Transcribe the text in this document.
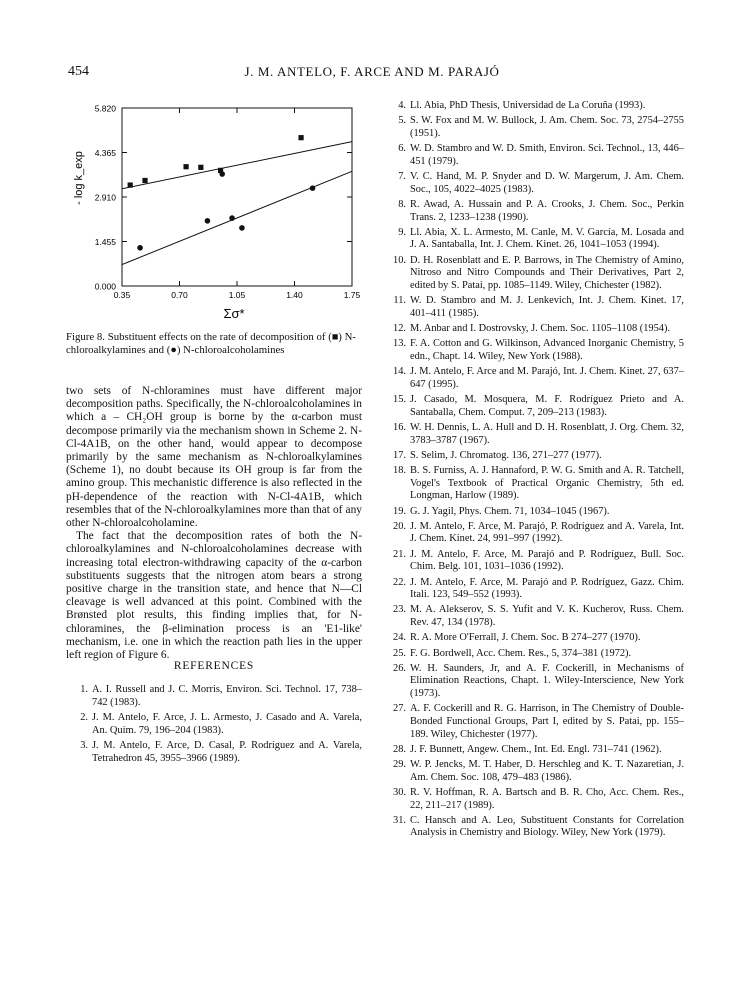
454	J. M. ANTELO, F. ARCE AND M. PARAJÓ
0.000
1.455
2.910
4.365
5.820
0.35	0.70	1.05	1.40	1.75
- log k_exp
Σσ*
Figure 8. Substituent effects on the rate of decomposition of (■) N-chloroalkylamines and (●) N-chloroalcoholamines

two sets of N-chloramines must have different major decomposition paths. Specifically, the N-chloroalcoholamines in which a – CH₂OH group is borne by the α-carbon must decompose primarily via the mechanism shown in Scheme 2. N-Cl-4A1B, on the other hand, would appear to decompose primarily by the same mechanism as N-chloroalkylamines (Scheme 1), no doubt because its OH group is far from the amino group. This mechanistic difference is also reflected in the pH-dependence of the reaction with N-Cl-4A1B, which resembles that of the N-chloroalkylamines more than that of any other N-chloroalcoholamine.

The fact that the decomposition rates of both the N-chloroalkylamines and N-chloroalcoholamines decrease with increasing total electron-withdrawing capacity of the α-carbon substituents suggests that the nitrogen atom bears a strong positive charge in the transition state, and hence that N—Cl cleavage is well advanced at this point. Combined with the Brønsted plot results, this finding implies that, for N-chloramines, the β-elimination process is an 'E1-like' mechanism, i.e. one in which the reaction path lies in the upper left region of Figure 6.

REFERENCES
1. A. I. Russell and J. C. Morris, Environ. Sci. Technol. 17, 738–742 (1983).
2. J. M. Antelo, F. Arce, J. L. Armesto, J. Casado and A. Varela, An. Quím. 79, 196–204 (1983).
3. J. M. Antelo, F. Arce, D. Casal, P. Rodríguez and A. Varela, Tetrahedron 45, 3955–3966 (1989).
4. Ll. Abia, PhD Thesis, Universidad de La Coruña (1993).
5. S. W. Fox and M. W. Bullock, J. Am. Chem. Soc. 73, 2754–2755 (1951).
6. W. D. Stambro and W. D. Smith, Environ. Sci. Technol., 13, 446–451 (1979).
7. V. C. Hand, M. P. Snyder and D. W. Margerum, J. Am. Chem. Soc., 105, 4022–4025 (1983).
8. R. Awad, A. Hussain and P. A. Crooks, J. Chem. Soc., Perkin Trans. 2, 1233–1238 (1990).
9. Ll. Abia, X. L. Armesto, M. Canle, M. V. García, M. Losada and J. A. Santaballa, Int. J. Chem. Kinet. 26, 1041–1053 (1994).
10. D. H. Rosenblatt and E. P. Barrows, in The Chemistry of Amino, Nitroso and Nitro Compounds and Their Derivatives, Part 2, edited by S. Patai, pp. 1085–1149. Wiley, Chichester (1982).
11. W. D. Stambro and M. J. Lenkevich, Int. J. Chem. Kinet. 17, 401–411 (1985).
12. M. Anbar and I. Dostrovsky, J. Chem. Soc. 1105–1108 (1954).
13. F. A. Cotton and G. Wilkinson, Advanced Inorganic Chemistry, 5 edn., Chapt. 14. Wiley, New York (1988).
14. J. M. Antelo, F. Arce and M. Parajó, Int. J. Chem. Kinet. 27, 637–647 (1995).
15. J. Casado, M. Mosquera, M. F. Rodríguez Prieto and A. Santaballa, Chem. Comput. 7, 209–213 (1983).
16. W. H. Dennis, L. A. Hull and D. H. Rosenblatt, J. Org. Chem. 32, 3783–3787 (1967).
17. S. Selim, J. Chromatog. 136, 271–277 (1977).
18. B. S. Furniss, A. J. Hannaford, P. W. G. Smith and A. R. Tatchell, Vogel's Textbook of Practical Organic Chemistry, 5th ed. Longman, Harlow (1989).
19. G. J. Yagil, Phys. Chem. 71, 1034–1045 (1967).
20. J. M. Antelo, F. Arce, M. Parajó, P. Rodríguez and A. Varela, Int. J. Chem. Kinet. 24, 991–997 (1992).
21. J. M. Antelo, F. Arce, M. Parajó and P. Rodríguez, Bull. Soc. Chim. Belg. 101, 1031–1036 (1992).
22. J. M. Antelo, F. Arce, M. Parajó and P. Rodríguez, Gazz. Chim. Itali. 123, 549–552 (1993).
23. M. A. Alekserov, S. S. Yufit and V. K. Kucherov, Russ. Chem. Rev. 47, 134 (1978).
24. R. A. More O'Ferrall, J. Chem. Soc. B 274–277 (1970).
25. F. G. Bordwell, Acc. Chem. Res., 5, 374–381 (1972).
26. W. H. Saunders, Jr, and A. F. Cockerill, in Mechanisms of Elimination Reactions, Chapt. 1. Wiley-Interscience, New York (1973).
27. A. F. Cockerill and R. G. Harrison, in The Chemistry of Double-Bonded Functional Groups, Part I, edited by S. Patai, pp. 155–189. Wiley, Chichester (1977).
28. J. F. Bunnett, Angew. Chem., Int. Ed. Engl. 731–741 (1962).
29. W. P. Jencks, M. T. Haber, D. Herschleg and K. T. Nazaretian, J. Am. Chem. Soc. 108, 479–483 (1986).
30. R. V. Hoffman, R. A. Bartsch and B. R. Cho, Acc. Chem. Res., 22, 211–217 (1989).
31. C. Hansch and A. Leo, Substituent Constants for Correlation Analysis in Chemistry and Biology. Wiley, New York (1979).
